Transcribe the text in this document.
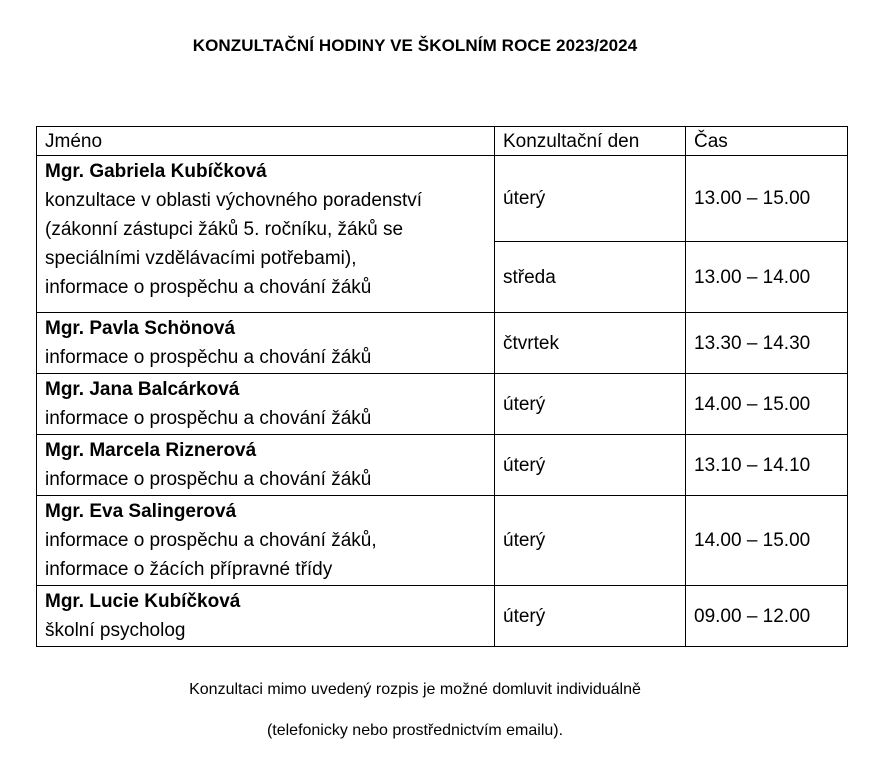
KONZULTAČNÍ HODINY VE ŠKOLNÍM ROCE 2023/2024
Jméno	Konzultační den	Čas

Mgr. Gabriela Kubíčková
konzultace v oblasti výchovného poradenství
(zákonní zástupci žáků 5. ročníku, žáků se
speciálními vzdělávacími potřebami),
informace o prospěchu a chování žáků	úterý	13.00 – 15.00
	středa	13.00 – 14.00

Mgr. Pavla Schönová
informace o prospěchu a chování žáků	čtvrtek	13.30 – 14.30

Mgr. Jana Balcárková
informace o prospěchu a chování žáků	úterý	14.00 – 15.00

Mgr. Marcela Riznerová
informace o prospěchu a chování žáků	úterý	13.10 – 14.10

Mgr. Eva Salingerová
informace o prospěchu a chování žáků,
informace o žácích přípravné třídy	úterý	14.00 – 15.00

Mgr. Lucie Kubíčková
školní psycholog	úterý	09.00 – 12.00
Konzultaci mimo uvedený rozpis je možné domluvit individuálně
(telefonicky nebo prostřednictvím emailu).
